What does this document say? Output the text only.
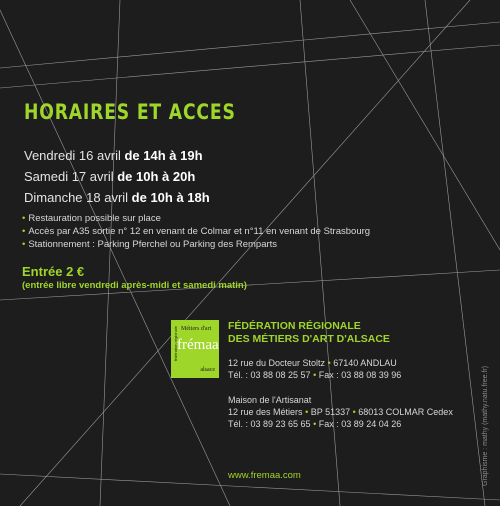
HORAIRES ET ACCES
Vendredi 16 avril de 14h à 19h
Samedi 17 avril de 10h à 20h
Dimanche 18 avril de 10h à 18h
• Restauration possible sur place
• Accès par A35 sortie n° 12 en venant de Colmar et n°11 en venant de Strasbourg
• Stationnement : Parking Pferchel ou Parking des Remparts
Entrée 2 €
(entrée libre vendredi après-midi et samedi matin)
fédération régionale Métiers d'art
frémaa
alsace
FÉDÉRATION RÉGIONALE
DES MÉTIERS D'ART D'ALSACE
12 rue du Docteur Stoltz • 67140 ANDLAU
Tél. : 03 88 08 25 57 • Fax : 03 88 08 39 96
Maison de l'Artisanat
12 rue des Métiers • BP 51337 • 68013 COLMAR Cedex
Tél. : 03 89 23 65 65 • Fax : 03 89 24 04 26
www.fremaa.com	Graphisme : mathy (mathy.natu.free.fr)
